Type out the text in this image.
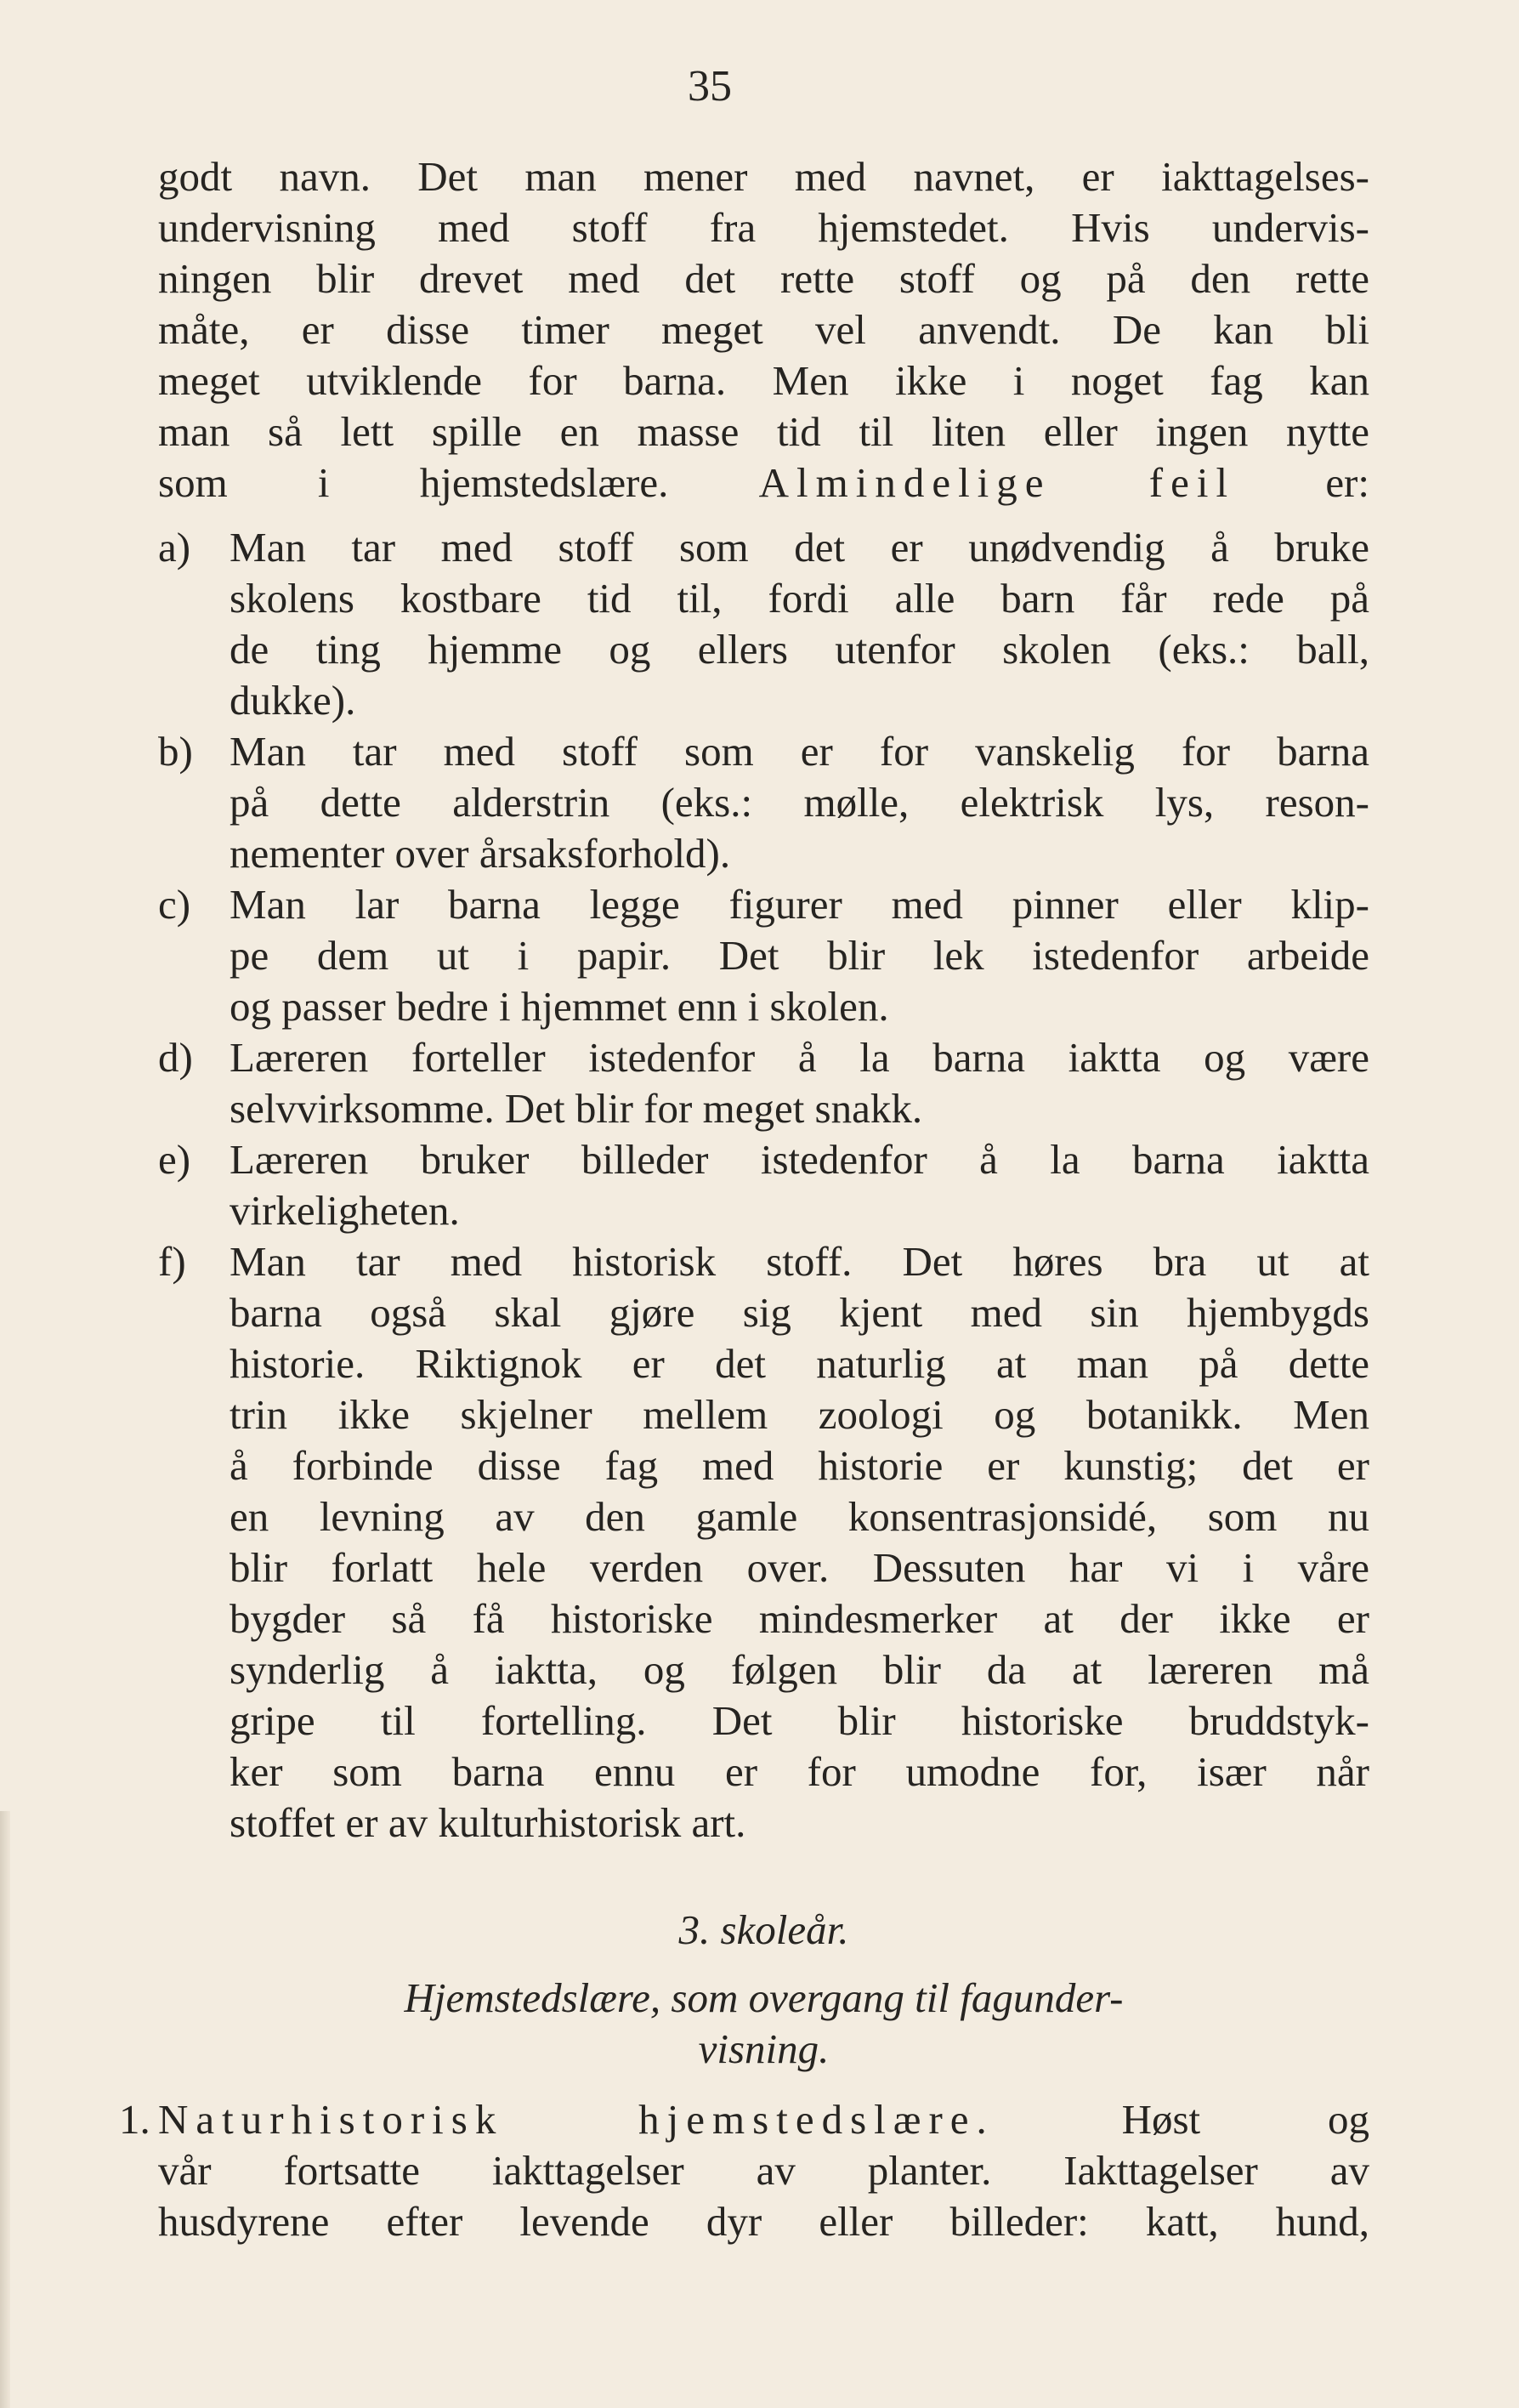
35
godt navn. Det man mener med navnet, er iakttagelses-
undervisning med stoff fra hjemstedet. Hvis undervis-
ningen blir drevet med det rette stoff og på den rette
måte, er disse timer meget vel anvendt. De kan bli
meget utviklende for barna. Men ikke i noget fag kan
man så lett spille en masse tid til liten eller ingen nytte
som i hjemstedslære. Almindelige feil er:
a) Man tar med stoff som det er unødvendig å bruke
skolens kostbare tid til, fordi alle barn får rede på
de ting hjemme og ellers utenfor skolen (eks.: ball,
dukke).
b) Man tar med stoff som er for vanskelig for barna
på dette alderstrin (eks.: mølle, elektrisk lys, reson-
nementer over årsaksforhold).
c) Man lar barna legge figurer med pinner eller klip-
pe dem ut i papir. Det blir lek istedenfor arbeide
og passer bedre i hjemmet enn i skolen.
d) Læreren forteller istedenfor å la barna iaktta og være
selvvirksomme. Det blir for meget snakk.
e) Læreren bruker billeder istedenfor å la barna iaktta
virkeligheten.
f) Man tar med historisk stoff. Det høres bra ut at
barna også skal gjøre sig kjent med sin hjembygds
historie. Riktignok er det naturlig at man på dette
trin ikke skjelner mellem zoologi og botanikk. Men
å forbinde disse fag med historie er kunstig; det er
en levning av den gamle konsentrasjonsidé, som nu
blir forlatt hele verden over. Dessuten har vi i våre
bygder så få historiske mindesmerker at der ikke er
synderlig å iaktta, og følgen blir da at læreren må
gripe til fortelling. Det blir historiske bruddstyk-
ker som barna ennu er for umodne for, især når
stoffet er av kulturhistorisk art.
3. skoleår.
Hjemstedslære, som overgang til fagunder-
visning.
1. Naturhistorisk hjemstedslære. Høst og
vår fortsatte iakttagelser av planter. Iakttagelser av
husdyrene efter levende dyr eller billeder: katt, hund,
